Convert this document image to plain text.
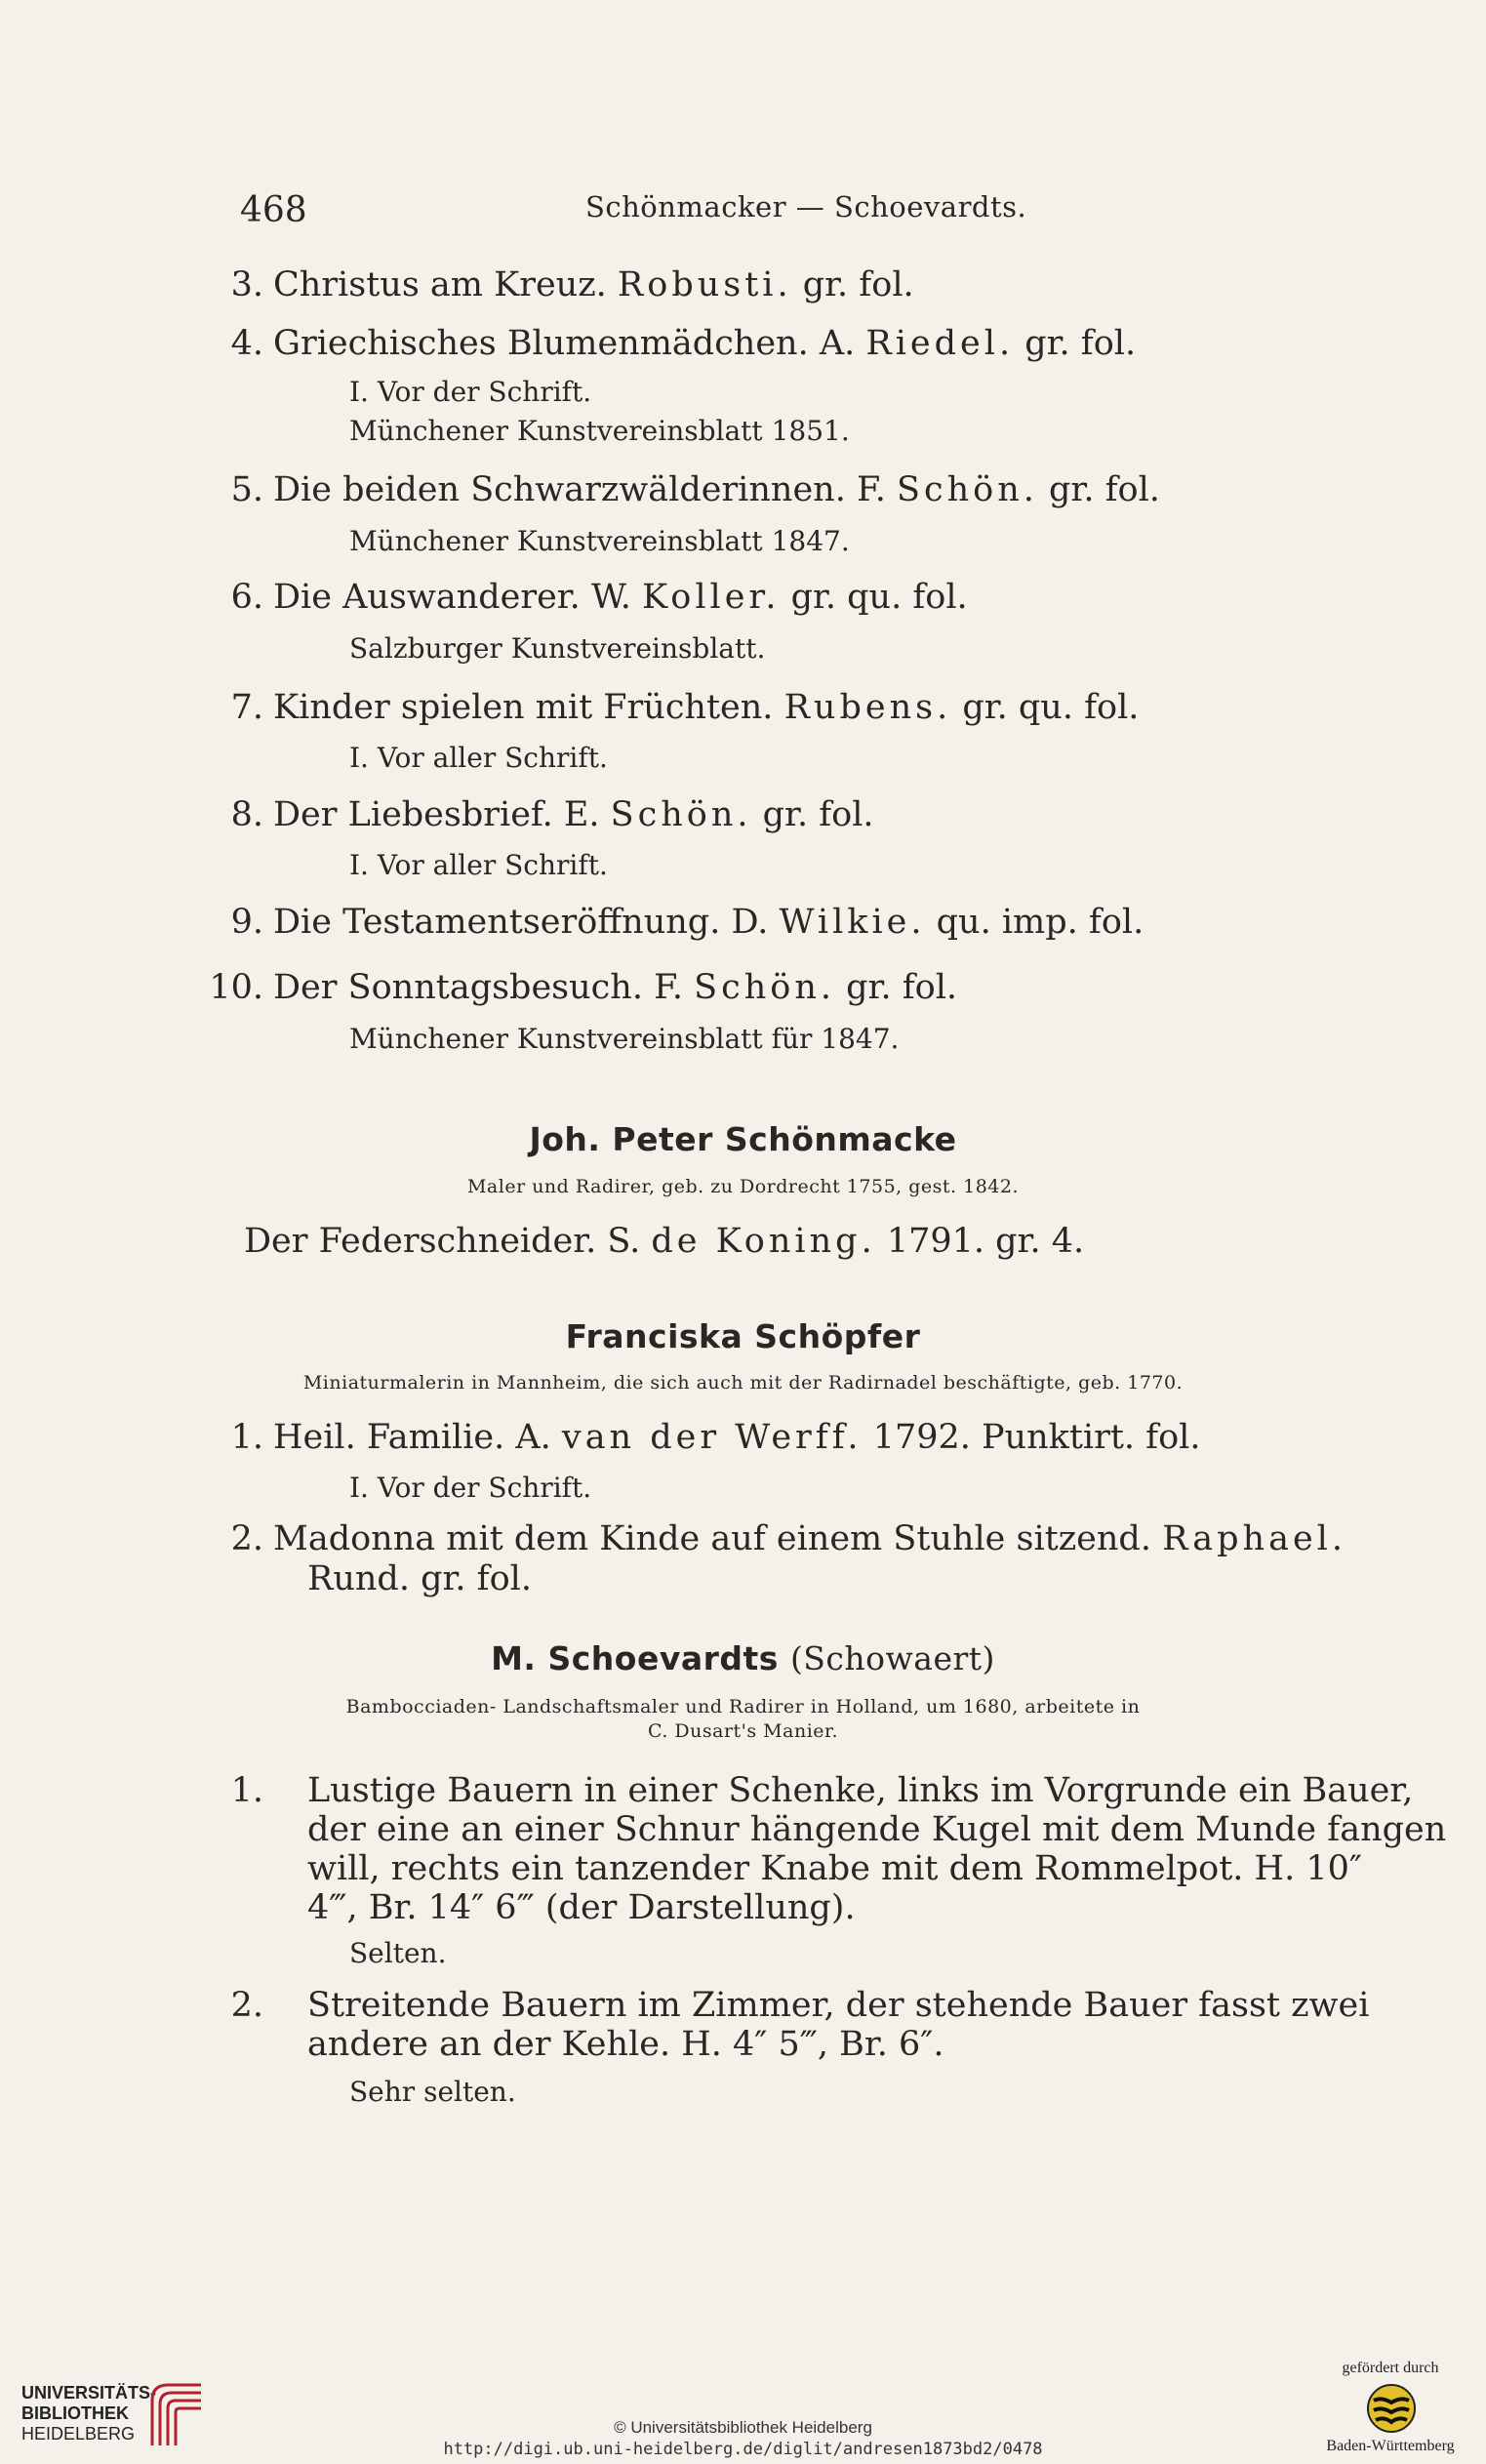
468	Schönmacker — Schoevardts.
3. Christus am Kreuz. Robusti. gr. fol.
4. Griechisches Blumenmädchen. A. Riedel. gr. fol.
I. Vor der Schrift.
Münchener Kunstvereinsblatt 1851.
5. Die beiden Schwarzwälderinnen. F. Schön. gr. fol.
Münchener Kunstvereinsblatt 1847.
6. Die Auswanderer. W. Koller. gr. qu. fol.
Salzburger Kunstvereinsblatt.
7. Kinder spielen mit Früchten. Rubens. gr. qu. fol.
I. Vor aller Schrift.
8. Der Liebesbrief. E. Schön. gr. fol.
I. Vor aller Schrift.
9. Die Testamentseröffnung. D. Wilkie. qu. imp. fol.
10. Der Sonntagsbesuch. F. Schön. gr. fol.
Münchener Kunstvereinsblatt für 1847.
Joh. Peter Schönmacke
Maler und Radirer, geb. zu Dordrecht 1755, gest. 1842.
Der Federschneider. S. de Koning. 1791. gr. 4.
Franciska Schöpfer
Miniaturmalerin in Mannheim, die sich auch mit der Radirnadel beschäftigte, geb. 1770.
1. Heil. Familie. A. van der Werff. 1792. Punktirt. fol.
I. Vor der Schrift.
2. Madonna mit dem Kinde auf einem Stuhle sitzend. Raphael.
Rund. gr. fol.
M. Schoevardts (Schowaert)
Bambocciaden- Landschaftsmaler und Radirer in Holland, um 1680, arbeitete in
C. Dusart's Manier.
1. Lustige Bauern in einer Schenke, links im Vorgrunde ein Bauer,
der eine an einer Schnur hängende Kugel mit dem Munde fangen
will, rechts ein tanzender Knabe mit dem Rommelpot. H. 10″
4‴, Br. 14″ 6‴ (der Darstellung).
Selten.
2. Streitende Bauern im Zimmer, der stehende Bauer fasst zwei
andere an der Kehle. H. 4″ 5‴, Br. 6″.
Sehr selten.
UNIVERSITÄTS-
BIBLIOTHEK
HEIDELBERG	© Universitätsbibliothek Heidelberg
http://digi.ub.uni-heidelberg.de/diglit/andresen1873bd2/0478
gefördert durch
Baden-Württemberg
